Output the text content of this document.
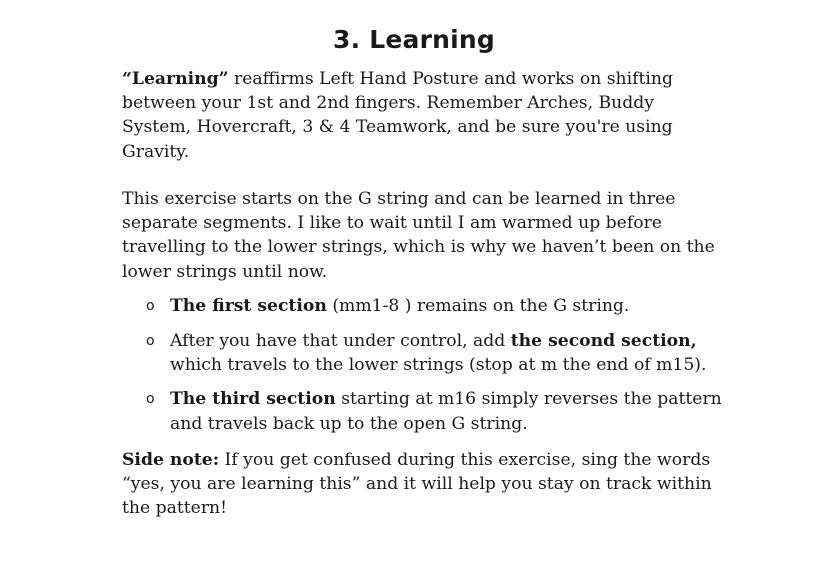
3. Learning

“Learning” reaffirms Left Hand Posture and works on shifting between your 1st and 2nd fingers. Remember Arches, Buddy System, Hovercraft, 3 & 4 Teamwork, and be sure you're using Gravity.

This exercise starts on the G string and can be learned in three separate segments. I like to wait until I am warmed up before travelling to the lower strings, which is why we haven’t been on the lower strings until now.

o The first section (mm1-8 ) remains on the G string.
o After you have that under control, add the second section, which travels to the lower strings (stop at m the end of m15).
o The third section starting at m16 simply reverses the pattern and travels back up to the open G string.

Side note: If you get confused during this exercise, sing the words “yes, you are learning this” and it will help you stay on track within the pattern!
